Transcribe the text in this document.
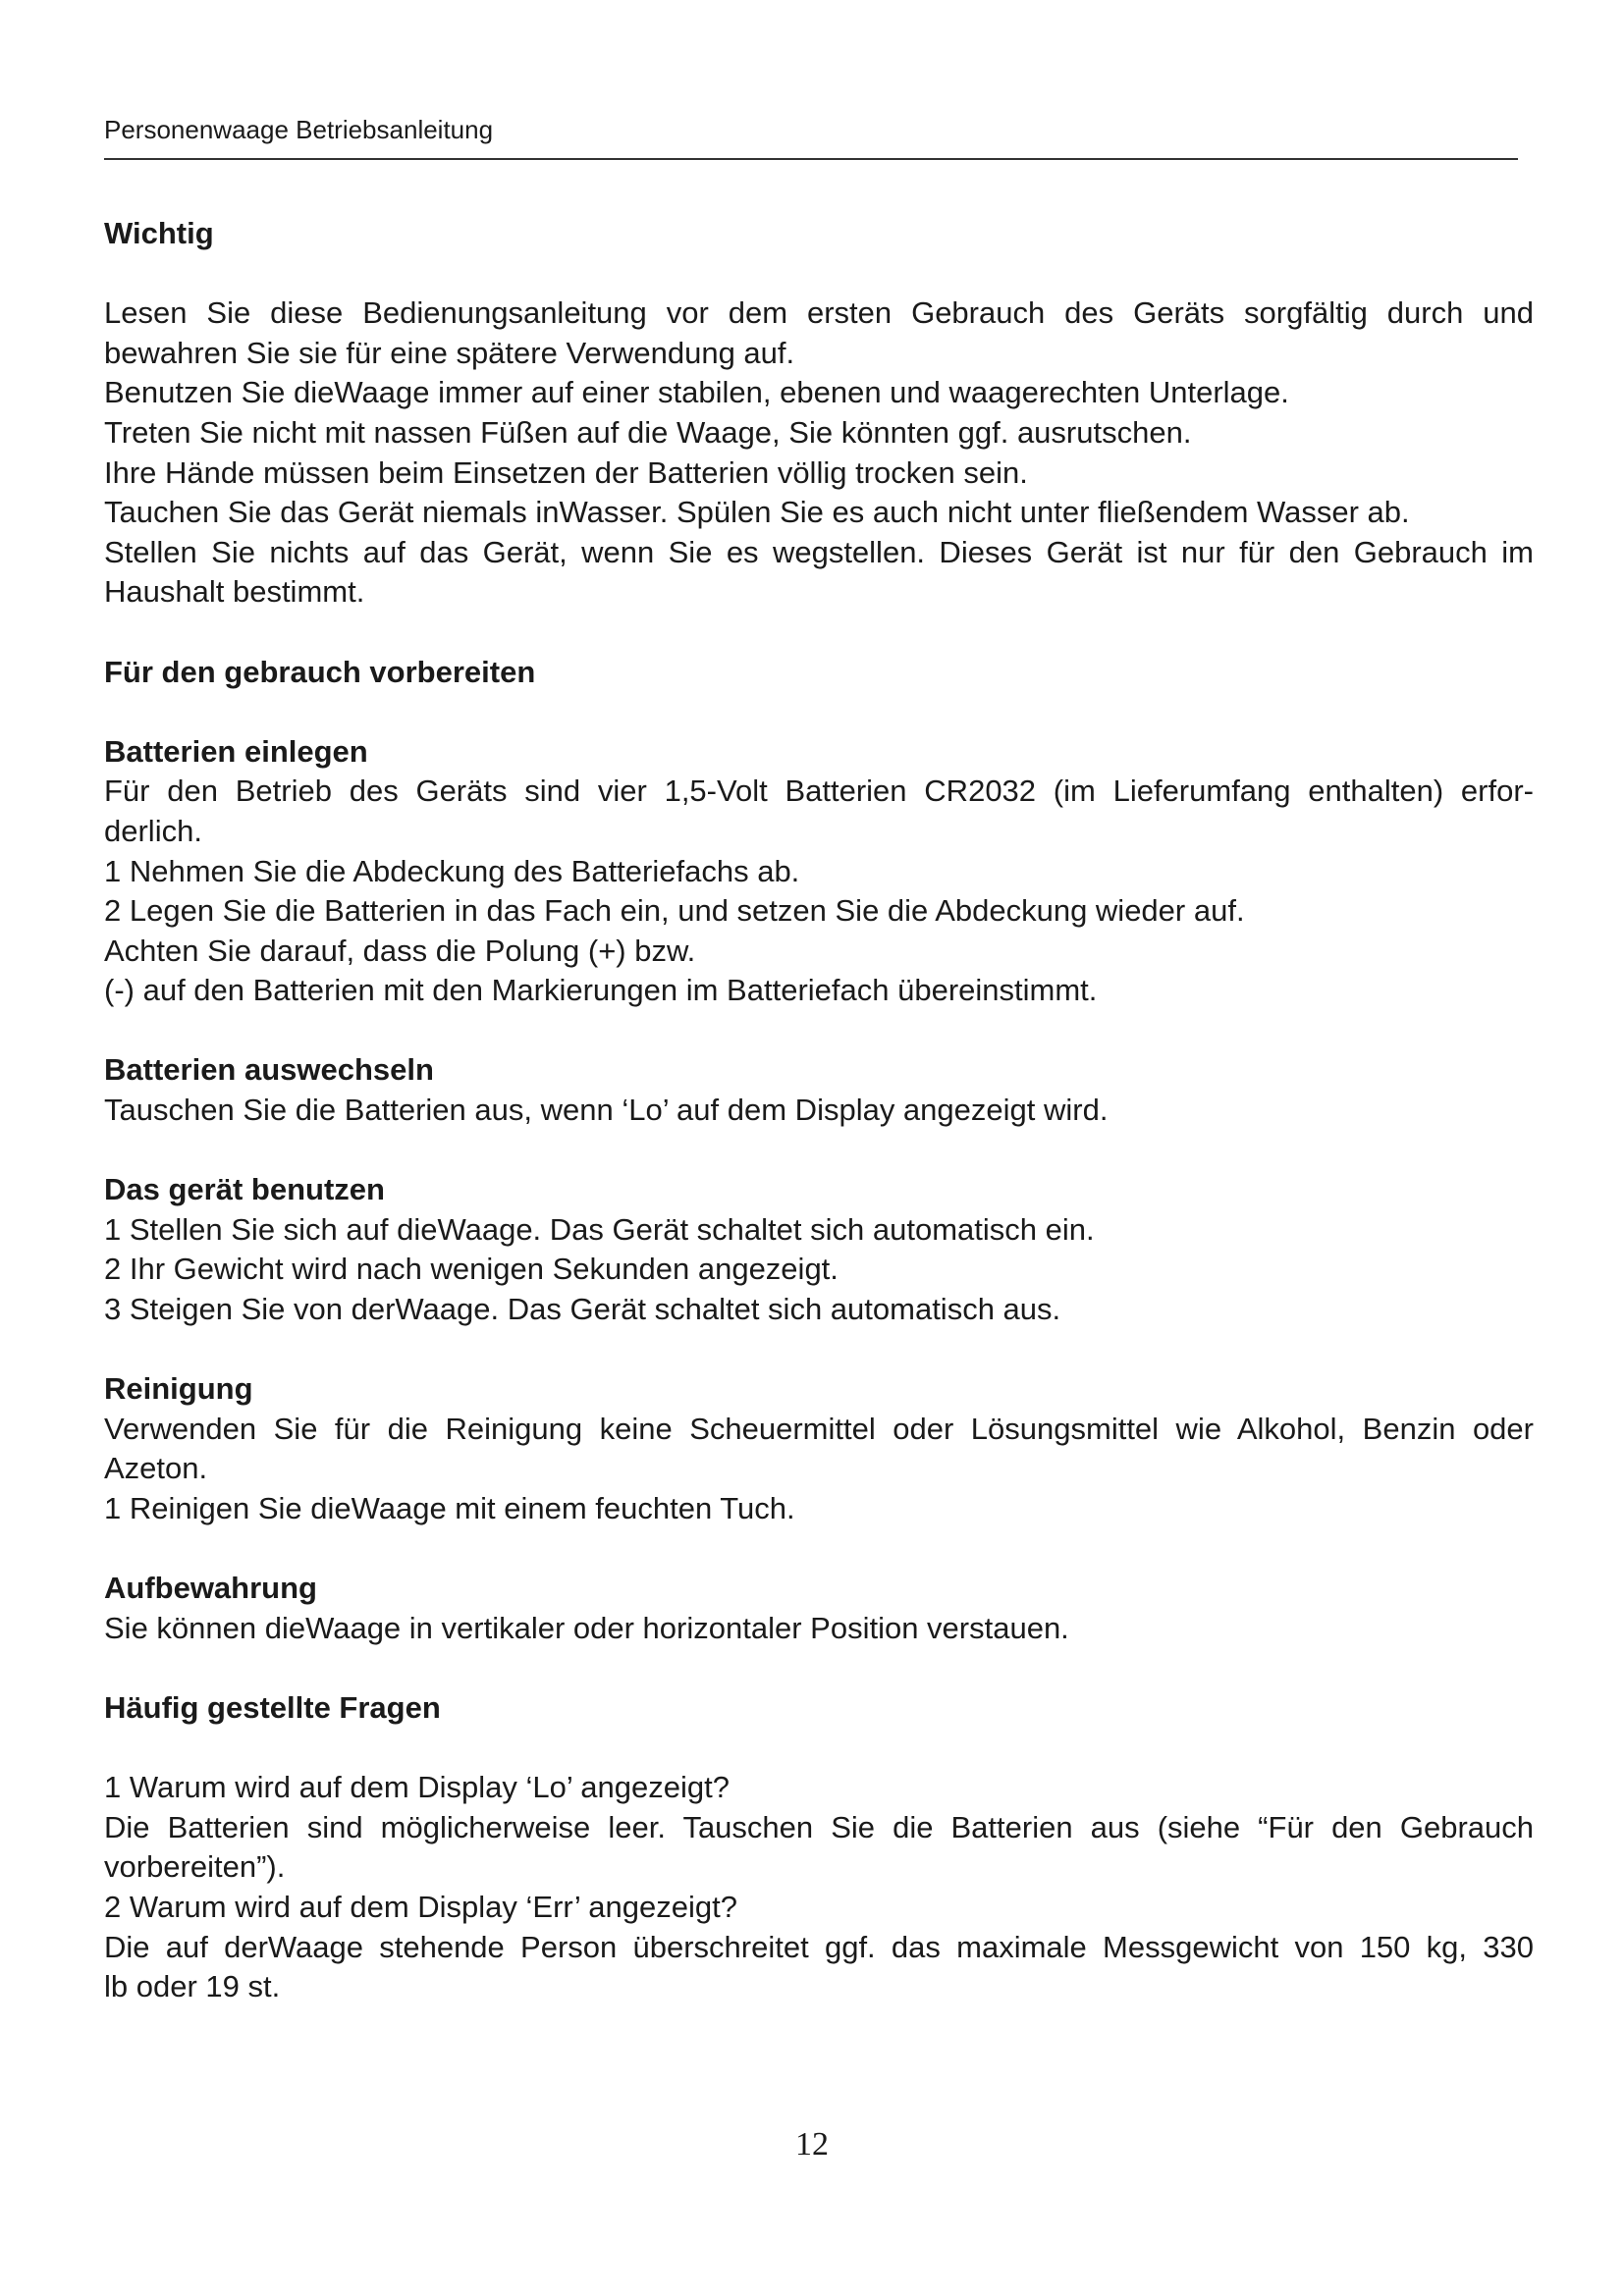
Personenwaage Betriebsanleitung

Wichtig

Lesen Sie diese Bedienungsanleitung vor dem ersten Gebrauch des Geräts sorgfältig durch und
bewahren Sie sie für eine spätere Verwendung auf.
Benutzen Sie dieWaage immer auf einer stabilen, ebenen und waagerechten Unterlage.
Treten Sie nicht mit nassen Füßen auf die Waage, Sie könnten ggf. ausrutschen.
Ihre Hände müssen beim Einsetzen der Batterien völlig trocken sein.
Tauchen Sie das Gerät niemals inWasser. Spülen Sie es auch nicht unter fließendem Wasser ab.
Stellen Sie nichts auf das Gerät, wenn Sie es wegstellen. Dieses Gerät ist nur für den Gebrauch im
Haushalt bestimmt.

Für den gebrauch vorbereiten

Batterien einlegen

Für den Betrieb des Geräts sind vier 1,5-Volt Batterien CR2032 (im Lieferumfang enthalten) erfor-
derlich.
1 Nehmen Sie die Abdeckung des Batteriefachs ab.
2 Legen Sie die Batterien in das Fach ein, und setzen Sie die Abdeckung wieder auf.
Achten Sie darauf, dass die Polung (+) bzw.
(-) auf den Batterien mit den Markierungen im Batteriefach übereinstimmt.

Batterien auswechseln

Tauschen Sie die Batterien aus, wenn ‘Lo’ auf dem Display angezeigt wird.

Das gerät benutzen

1 Stellen Sie sich auf dieWaage. Das Gerät schaltet sich automatisch ein.
2 Ihr Gewicht wird nach wenigen Sekunden angezeigt.
3 Steigen Sie von derWaage. Das Gerät schaltet sich automatisch aus.

Reinigung

Verwenden Sie für die Reinigung keine Scheuermittel oder Lösungsmittel wie Alkohol, Benzin oder
Azeton.
1 Reinigen Sie dieWaage mit einem feuchten Tuch.

Aufbewahrung

Sie können dieWaage in vertikaler oder horizontaler Position verstauen.

Häufig gestellte Fragen

1 Warum wird auf dem Display ‘Lo’ angezeigt?
Die Batterien sind möglicherweise leer. Tauschen Sie die Batterien aus (siehe “Für den Gebrauch
vorbereiten”).
2 Warum wird auf dem Display ‘Err’ angezeigt?
Die auf derWaage stehende Person überschreitet ggf. das maximale Messgewicht von 150 kg, 330
lb oder 19 st.

12
